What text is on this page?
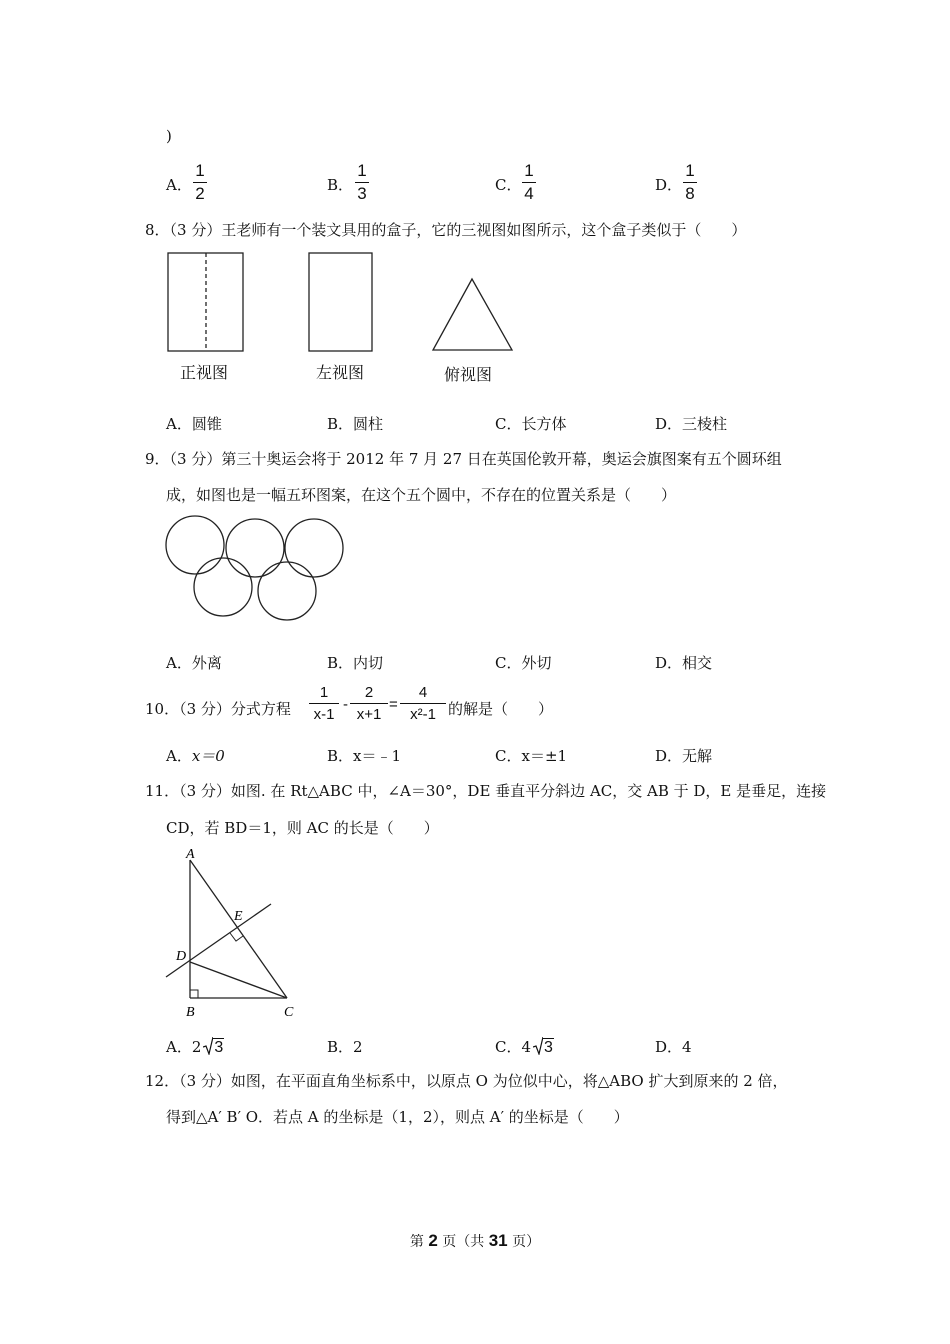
)
A．
1
2	B．
1
3	C．
1
4	D．
1
8
8．（3 分）王老师有一个装文具用的盒子，它的三视图如图所示，这个盒子类似于（　　）
正视图	左视图	俯视图
A．圆锥	B．圆柱	C．长方体	D．三棱柱
9．（3 分）第三十奥运会将于 2012 年 7 月 27 日在英国伦敦开幕，奥运会旗图案有五个圆环组
成，如图也是一幅五环图案，在这个五个圆中，不存在的位置关系是（　　）
A．外离	B．内切	C．外切	D．相交
10．（3 分）分式方程
1
x-1
-
2
x+1
=
4
x²-1 的解是（　　）
A．x＝0	B．x＝﹣1	C．x＝±1	D．无解
11．（3 分）如图. 在 Rt△ABC 中，∠A＝30°，DE 垂直平分斜边 AC，交 AB 于 D，E 是垂足，连接
CD，若 BD＝1，则 AC 的长是（　　）
A
E
D
B	C
A．2 3	B．2	C．4 3	D．4
12．（3 分）如图，在平面直角坐标系中，以原点 O 为位似中心，将△ABO 扩大到原来的 2 倍，
得到△A′ B′ O．若点 A 的坐标是（1，2），则点 A′ 的坐标是（　　）
第 2 页（共 31 页）
